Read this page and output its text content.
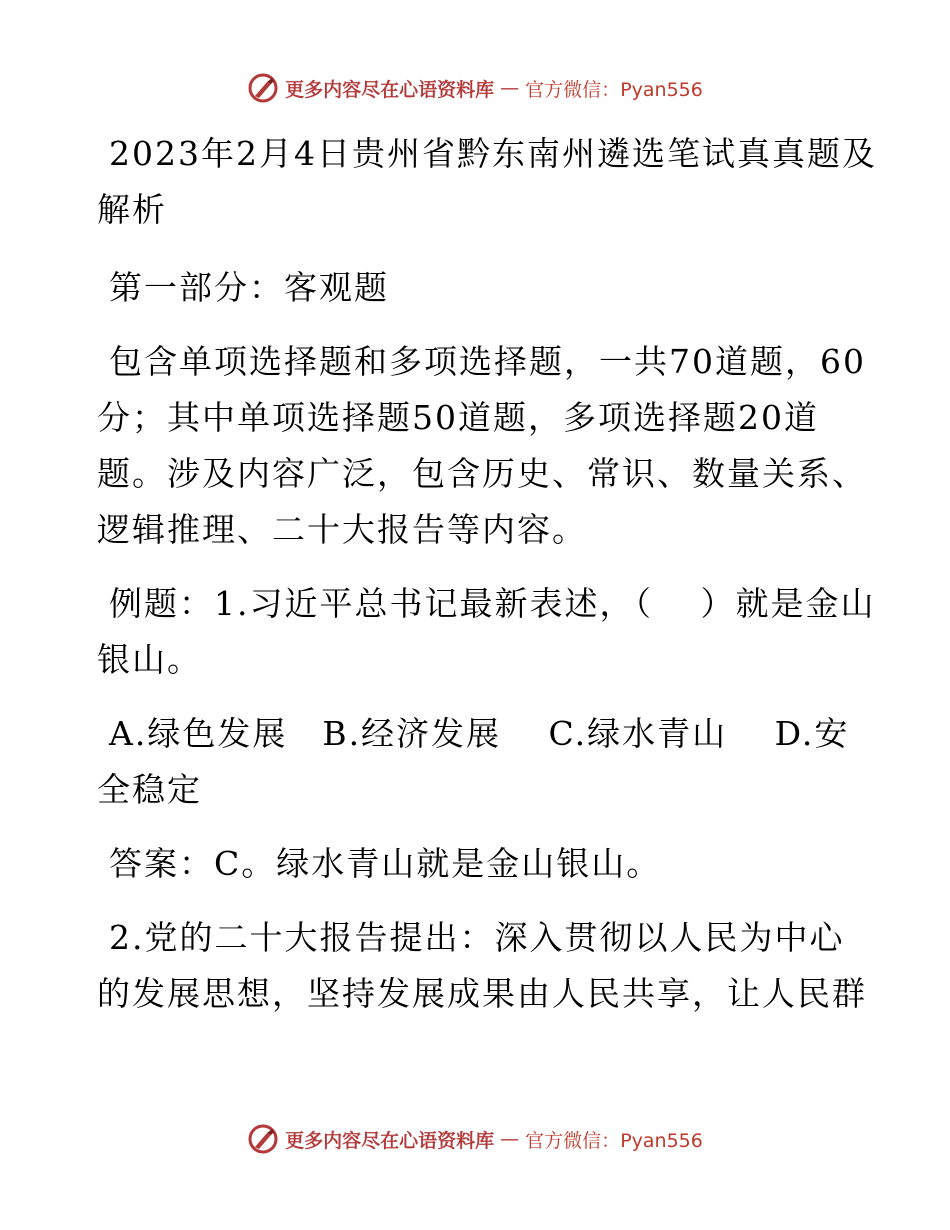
更多内容尽在心语资料库 — 官方微信：Pyan556

2023年2月4日贵州省黔东南州遴选笔试真真题及解析

第一部分：客观题

包含单项选择题和多项选择题，一共70道题，60分；其中单项选择题50道题，多项选择题20道题。涉及内容广泛，包含历史、常识、数量关系、逻辑推理、二十大报告等内容。

例题：1.习近平总书记最新表述，（　 ）就是金山银山。

A.绿色发展　B.经济发展　 C.绿水青山　 D.安全稳定

答案：C。绿水青山就是金山银山。

2.党的二十大报告提出：深入贯彻以人民为中心的发展思想，坚持发展成果由人民共享，让人民群

更多内容尽在心语资料库 — 官方微信：Pyan556
